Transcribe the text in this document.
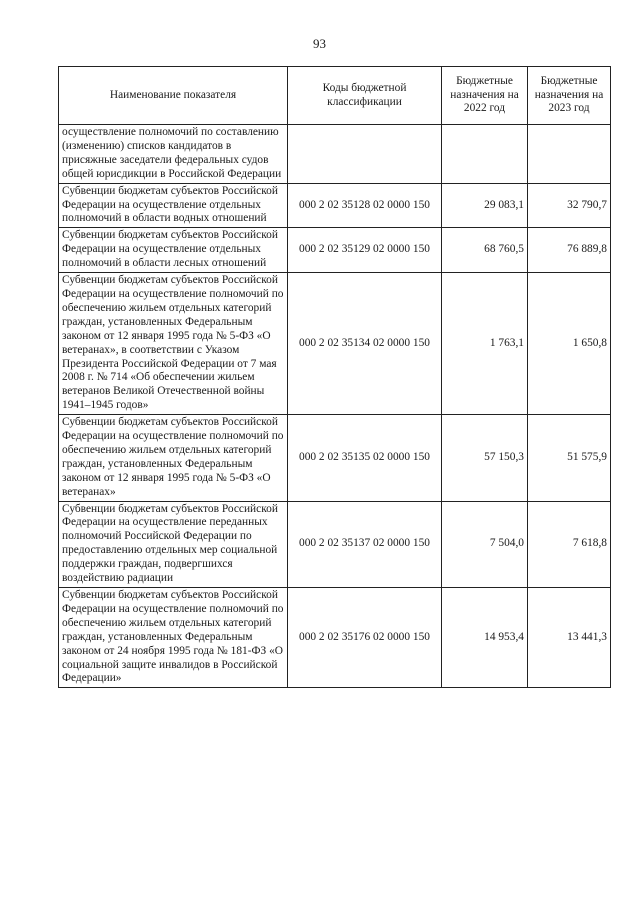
93
Наименование показателя	Коды бюджетной классификации	Бюджетные назначения на 2022 год	Бюджетные назначения на 2023 год
осуществление полномочий по составлению (изменению) списков кандидатов в присяжные заседатели федеральных судов общей юрисдикции в Российской Федерации			
Субвенции бюджетам субъектов Российской Федерации на осуществление отдельных полномочий в области водных отношений	000 2 02 35128 02 0000 150	29 083,1	32 790,7
Субвенции бюджетам субъектов Российской Федерации на осуществление отдельных полномочий в области лесных отношений	000 2 02 35129 02 0000 150	68 760,5	76 889,8
Субвенции бюджетам субъектов Российской Федерации на осуществление полномочий по обеспечению жильем отдельных категорий граждан, установленных Федеральным законом от 12 января 1995 года № 5-ФЗ «О ветеранах», в соответствии с Указом Президента Российской Федерации от 7 мая 2008 г. № 714 «Об обеспечении жильем ветеранов Великой Отечественной войны 1941–1945 годов»	000 2 02 35134 02 0000 150	1 763,1	1 650,8
Субвенции бюджетам субъектов Российской Федерации на осуществление полномочий по обеспечению жильем отдельных категорий граждан, установленных Федеральным законом от 12 января 1995 года № 5-ФЗ «О ветеранах»	000 2 02 35135 02 0000 150	57 150,3	51 575,9
Субвенции бюджетам субъектов Российской Федерации на осуществление переданных полномочий Российской Федерации по предоставлению отдельных мер социальной поддержки граждан, подвергшихся воздействию радиации	000 2 02 35137 02 0000 150	7 504,0	7 618,8
Субвенции бюджетам субъектов Российской Федерации на осуществление полномочий по обеспечению жильем отдельных категорий граждан, установленных Федеральным законом от 24 ноября 1995 года № 181-ФЗ «О социальной защите инвалидов в Российской Федерации»	000 2 02 35176 02 0000 150	14 953,4	13 441,3
